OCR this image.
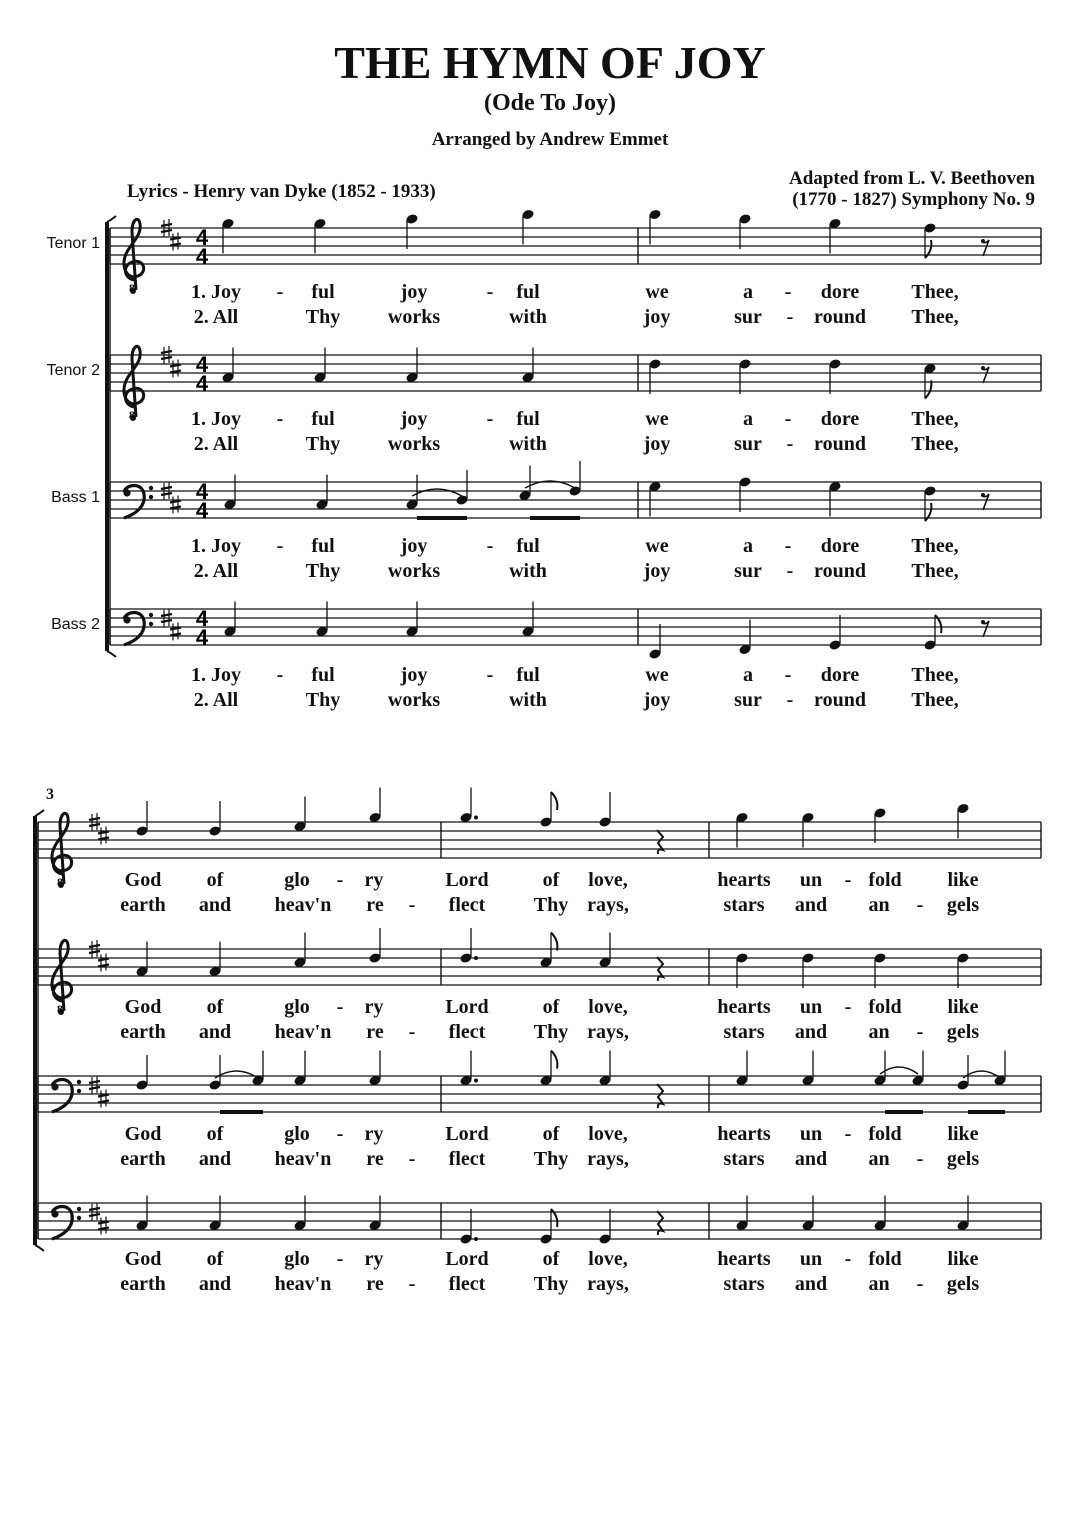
THE HYMN OF JOY
(Ode To Joy)
Arranged by Andrew Emmet
Lyrics - Henry van Dyke (1852 - 1933)
Adapted from L. V. Beethoven
(1770 - 1827) Symphony No. 9
Tenor 1
Tenor 2
Bass 1
Bass 2
3
8
4
4
8
4
4
4
4
4
4
8
8
1. Joy - ful	joy	- ful	we	a - dore	Thee,
2. All	Thy works	with	joy	sur - round Thee,
1. Joy - ful	joy	- ful	we	a - dore	Thee,
2. All	Thy works	with	joy	sur - round Thee,
1. Joy - ful	joy	- ful	we	a - dore	Thee,
2. All	Thy works	with	joy	sur - round Thee,
1. Joy - ful	joy	- ful	we	a - dore	Thee,
2. All	Thy works	with	joy	sur - round Thee,
God of	glo - ry	Lord	of love,	hearts un - fold like
earth and heav'n re - flect Thy rays,	stars and an - gels
God of	glo - ry	Lord	of love,	hearts un - fold like
earth and heav'n re - flect Thy rays,	stars and an - gels
God of	glo - ry	Lord	of love,	hearts un - fold like
earth and heav'n re - flect Thy rays,	stars and an - gels
God of	glo - ry	Lord	of love,	hearts un - fold like
earth and heav'n re - flect Thy rays,	stars and an - gels
